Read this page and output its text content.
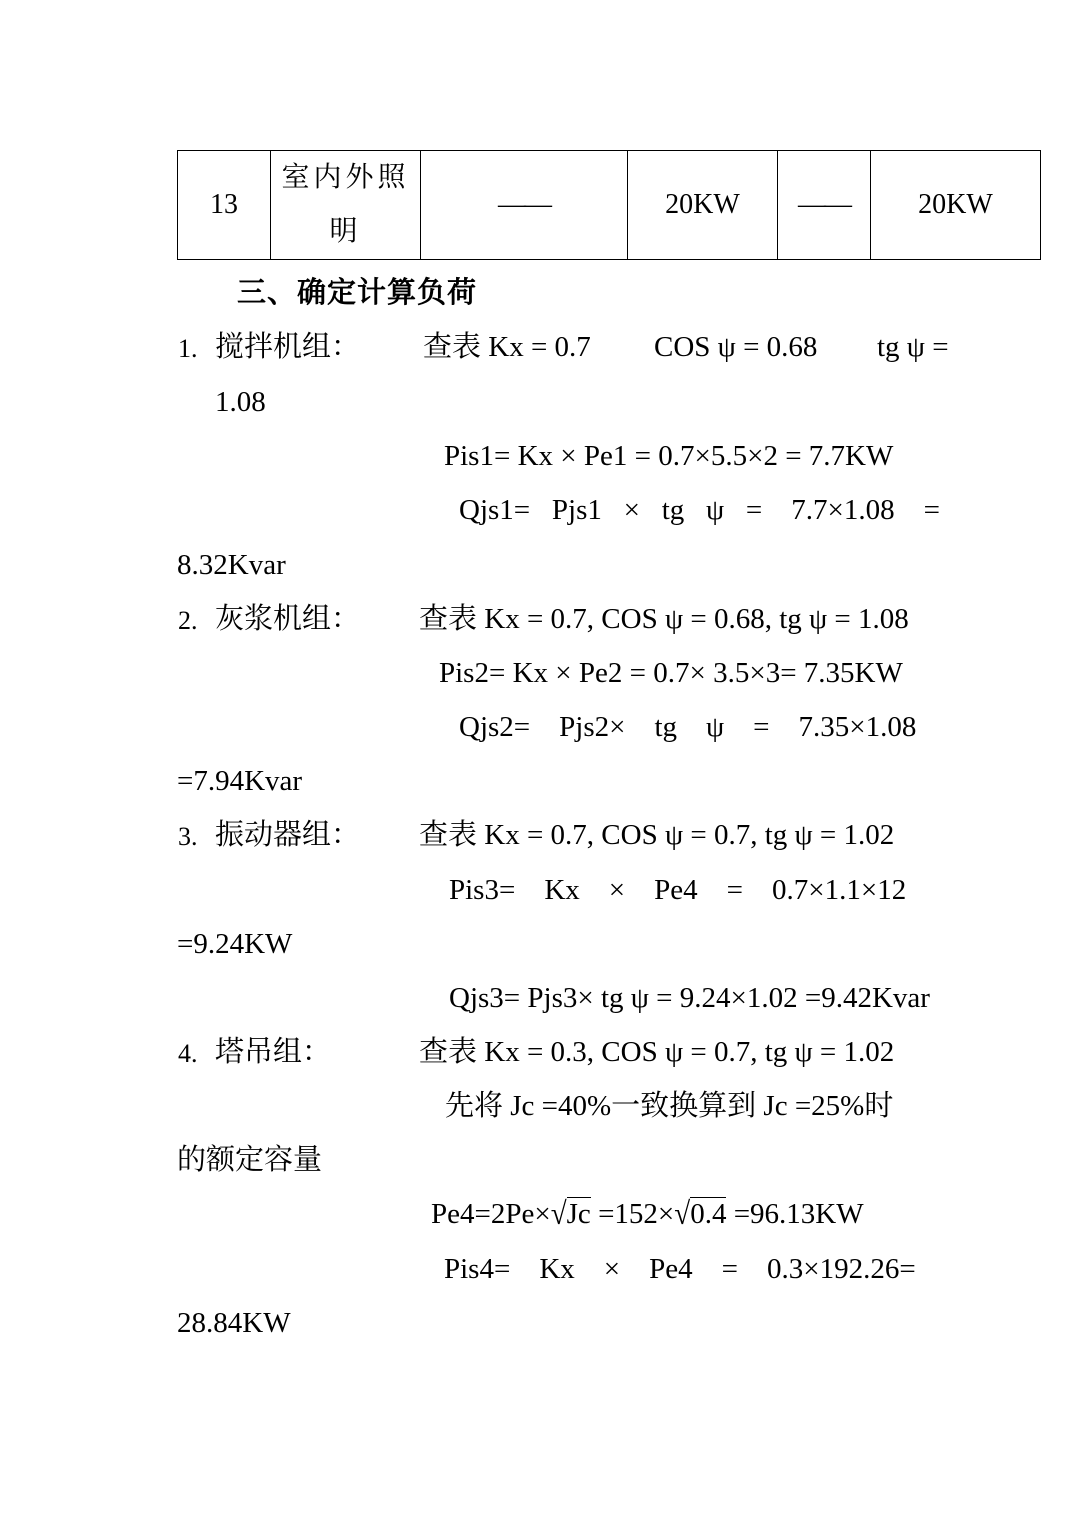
13	室内外照
明	——	20KW	——	20KW
三、确定计算负荷
1. 搅拌机组： 查表 Kx = 0.7 COS ψ = 0.68 tg ψ =
1.08
Pis1= Kx × Pe1 = 0.7×5.5×2 = 7.7KW
Qjs1=   Pjs1   ×   tg   ψ   =    7.7×1.08    =
8.32Kvar
2. 灰浆机组： 查表 Kx = 0.7, COS ψ = 0.68, tg ψ = 1.08
Pis2= Kx × Pe2 = 0.7× 3.5×3= 7.35KW
Qjs2=    Pjs2×    tg    ψ    =    7.35×1.08
=7.94Kvar
3. 振动器组： 查表 Kx = 0.7, COS ψ = 0.7, tg ψ = 1.02
Pis3=    Kx    ×    Pe4    =    0.7×1.1×12
=9.24KW
Qjs3= Pjs3× tg ψ = 9.24×1.02 =9.42Kvar
4. 塔吊组：	查表 Kx = 0.3, COS ψ = 0.7, tg ψ = 1.02
先将 Jc =40%一致换算到 Jc =25%时
的额定容量
Pe4=2Pe×√Jc =152×√0.4 =96.13KW
Pis4=    Kx    ×    Pe4    =    0.3×192.26=
28.84KW
